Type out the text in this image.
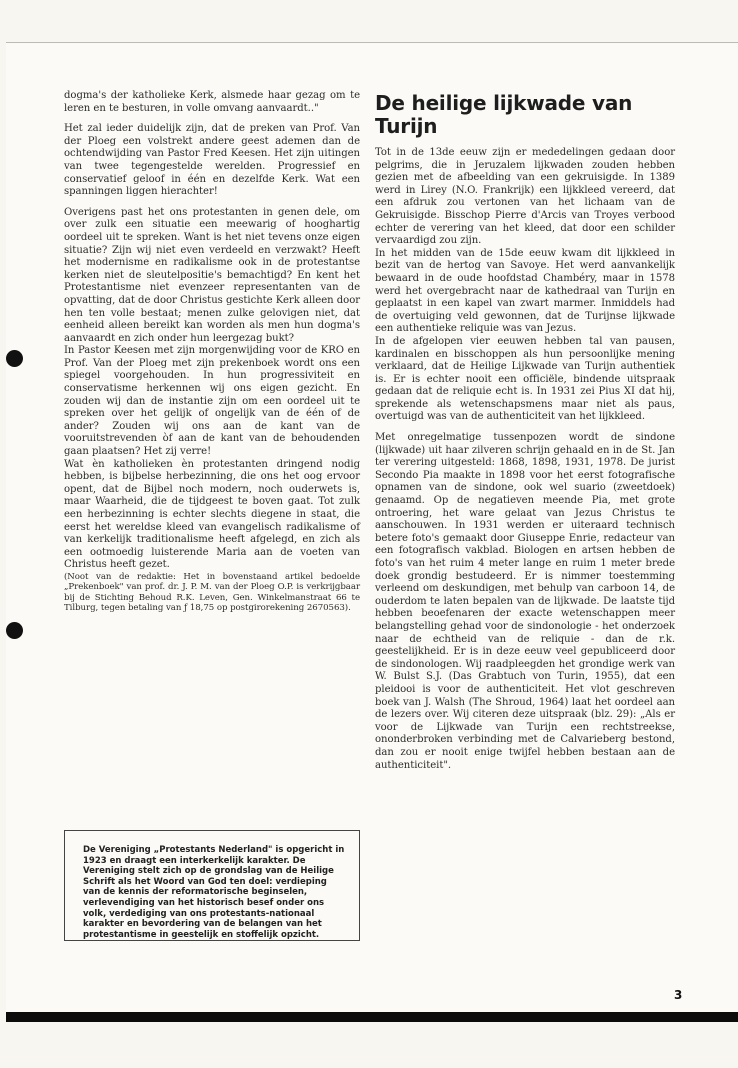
dogma's der katholieke Kerk, alsmede haar gezag om te leren en te besturen, in volle omvang aanvaardt.."

Het zal ieder duidelijk zijn, dat de preken van Prof. Van der Ploeg een volstrekt andere geest ademen dan de ochtendwijding van Pastor Fred Keesen. Het zijn uitingen van twee tegengestelde werelden. Progressief en conservatief geloof in één en dezelfde Kerk. Wat een spanningen liggen hierachter!

Overigens past het ons protestanten in genen dele, om over zulk een situatie een meewarig of hooghartig oordeel uit te spreken. Want is het niet tevens onze eigen situatie? Zijn wij niet even verdeeld en verzwakt? Heeft het modernisme en radikalisme ook in de protestantse kerken niet de sleutelpositie's bemachtigd? En kent het Protestantisme niet evenzeer representanten van de opvatting, dat de door Christus gestichte Kerk alleen door hen ten volle bestaat; menen zulke gelovigen niet, dat eenheid alleen bereikt kan worden als men hun dogma's aanvaardt en zich onder hun leergezag bukt?

In Pastor Keesen met zijn morgenwijding voor de KRO en Prof. Van der Ploeg met zijn prekenboek wordt ons een spiegel voorgehouden. In hun progressiviteit en conservatisme herkennen wij ons eigen gezicht. En zouden wij dan de instantie zijn om een oordeel uit te spreken over het gelijk of ongelijk van de één of de ander? Zouden wij ons aan de kant van de vooruitstrevenden òf aan de kant van de behoudenden gaan plaatsen? Het zij verre!

Wat èn katholieken èn protestanten dringend nodig hebben, is bijbelse herbezinning, die ons het oog ervoor opent, dat de Bijbel noch modern, noch ouderwets is, maar Waarheid, die de tijdgeest te boven gaat. Tot zulk een herbezinning is echter slechts diegene in staat, die eerst het wereldse kleed van evangelisch radikalisme of van kerkelijk traditionalisme heeft afgelegd, en zich als een ootmoedig luisterende Maria aan de voeten van Christus heeft gezet.

(Noot van de redaktie: Het in bovenstaand artikel bedoelde „Prekenboek" van prof. dr. J. P. M. van der Ploeg O.P. is verkrijgbaar bij de Stichting Behoud R.K. Leven, Gen. Winkelmanstraat 66 te Tilburg, tegen betaling van ƒ 18,75 op postgirorekening 2670563).

De Vereniging „Protestants Nederland" is opgericht in 1923 en draagt een interkerkelijk karakter. De Vereniging stelt zich op de grondslag van de Heilige Schrift als het Woord van God ten doel: verdieping van de kennis der reformatorische beginselen, verlevendiging van het historisch besef onder ons volk, verdediging van ons protestants-nationaal karakter en bevordering van de belangen van het protestantisme in geestelijk en stoffelijk opzicht.
De heilige lijkwade van Turijn

Tot in de 13de eeuw zijn er mededelingen gedaan door pelgrims, die in Jeruzalem lijkwaden zouden hebben gezien met de afbeelding van een gekruisigde. In 1389 werd in Lirey (N.O. Frankrijk) een lijkkleed vereerd, dat een afdruk zou vertonen van het lichaam van de Gekruisigde. Bisschop Pierre d'Arcis van Troyes verbood echter de verering van het kleed, dat door een schilder vervaardigd zou zijn.

In het midden van de 15de eeuw kwam dit lijkkleed in bezit van de hertog van Savoye. Het werd aanvankelijk bewaard in de oude hoofdstad Chambéry, maar in 1578 werd het overgebracht naar de kathedraal van Turijn en geplaatst in een kapel van zwart marmer. Inmiddels had de overtuiging veld gewonnen, dat de Turijnse lijkwade een authentieke reliquie was van Jezus.

In de afgelopen vier eeuwen hebben tal van pausen, kardinalen en bisschoppen als hun persoonlijke mening verklaard, dat de Heilige Lijkwade van Turijn authentiek is. Er is echter nooit een officiële, bindende uitspraak gedaan dat de reliquie echt is. In 1931 zei Pius XI dat hij, sprekende als wetenschapsmens maar niet als paus, overtuigd was van de authenticiteit van het lijkkleed.

Met onregelmatige tussenpozen wordt de sindone (lijkwade) uit haar zilveren schrijn gehaald en in de St. Jan ter verering uitgesteld: 1868, 1898, 1931, 1978. De jurist Secondo Pia maakte in 1898 voor het eerst fotografische opnamen van de sindone, ook wel suario (zweetdoek) genaamd. Op de negatieven meende Pia, met grote ontroering, het ware gelaat van Jezus Christus te aanschouwen. In 1931 werden er uiteraard technisch betere foto's gemaakt door Giuseppe Enrie, redacteur van een fotografisch vakblad. Biologen en artsen hebben de foto's van het ruim 4 meter lange en ruim 1 meter brede doek grondig bestudeerd. Er is nimmer toestemming verleend om deskundigen, met behulp van carboon 14, de ouderdom te laten bepalen van de lijkwade. De laatste tijd hebben beoefenaren der exacte wetenschappen meer belangstelling gehad voor de sindonologie - het onderzoek naar de echtheid van de reliquie - dan de r.k. geestelijkheid. Er is in deze eeuw veel gepubliceerd door de sindonologen. Wij raadpleegden het grondige werk van W. Bulst S.J. (Das Grabtuch von Turin, 1955), dat een pleidooi is voor de authenticiteit. Het vlot geschreven boek van J. Walsh (The Shroud, 1964) laat het oordeel aan de lezers over. Wij citeren deze uitspraak (blz. 29): „Als er voor de Lijkwade van Turijn een rechtstreekse, ononderbroken verbinding met de Calvarieberg bestond, dan zou er nooit enige twijfel hebben bestaan aan de authenticiteit".

3
